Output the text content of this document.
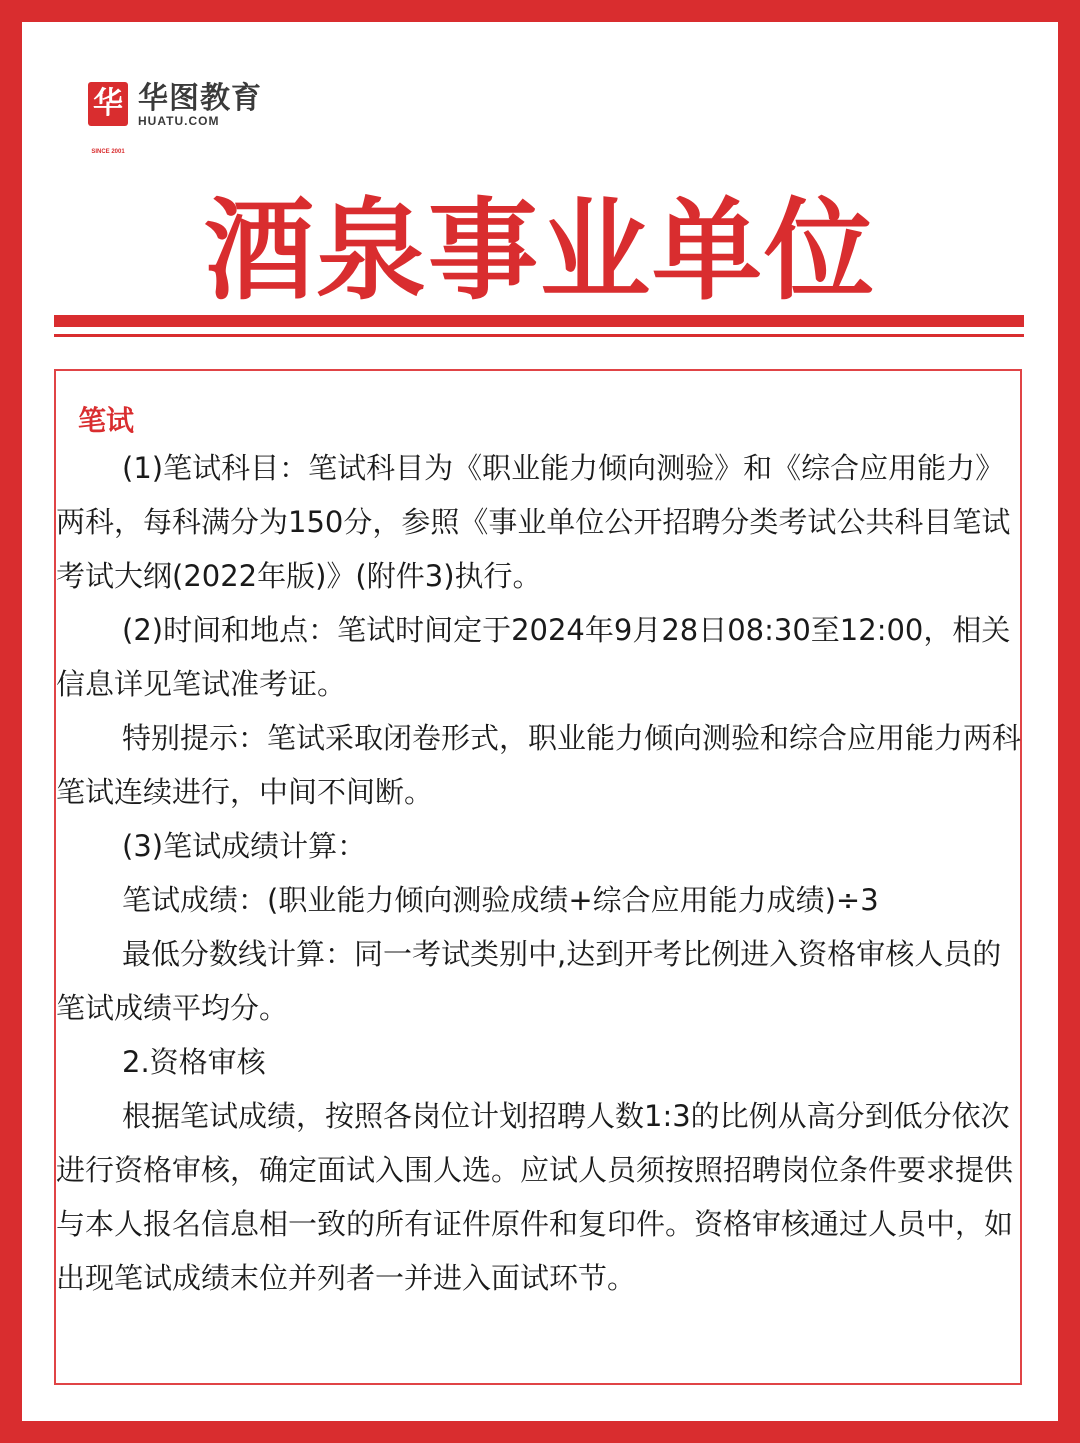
华
SINCE 2001
华图教育
HUATU.COM
酒泉事业单位
笔试

(1)笔试科目：笔试科目为《职业能力倾向测验》和《综合应用能力》两科，每科满分为150分，参照《事业单位公开招聘分类考试公共科目笔试考试大纲(2022年版)》(附件3)执行。

(2)时间和地点：笔试时间定于2024年9月28日08:30至12:00，相关信息详见笔试准考证。

特别提示：笔试采取闭卷形式，职业能力倾向测验和综合应用能力两科笔试连续进行，中间不间断。

(3)笔试成绩计算：

笔试成绩：(职业能力倾向测验成绩+综合应用能力成绩)÷3

最低分数线计算：同一考试类别中,达到开考比例进入资格审核人员的笔试成绩平均分。

2.资格审核

根据笔试成绩，按照各岗位计划招聘人数1:3的比例从高分到低分依次进行资格审核，确定面试入围人选。应试人员须按照招聘岗位条件要求提供与本人报名信息相一致的所有证件原件和复印件。资格审核通过人员中，如出现笔试成绩末位并列者一并进入面试环节。
